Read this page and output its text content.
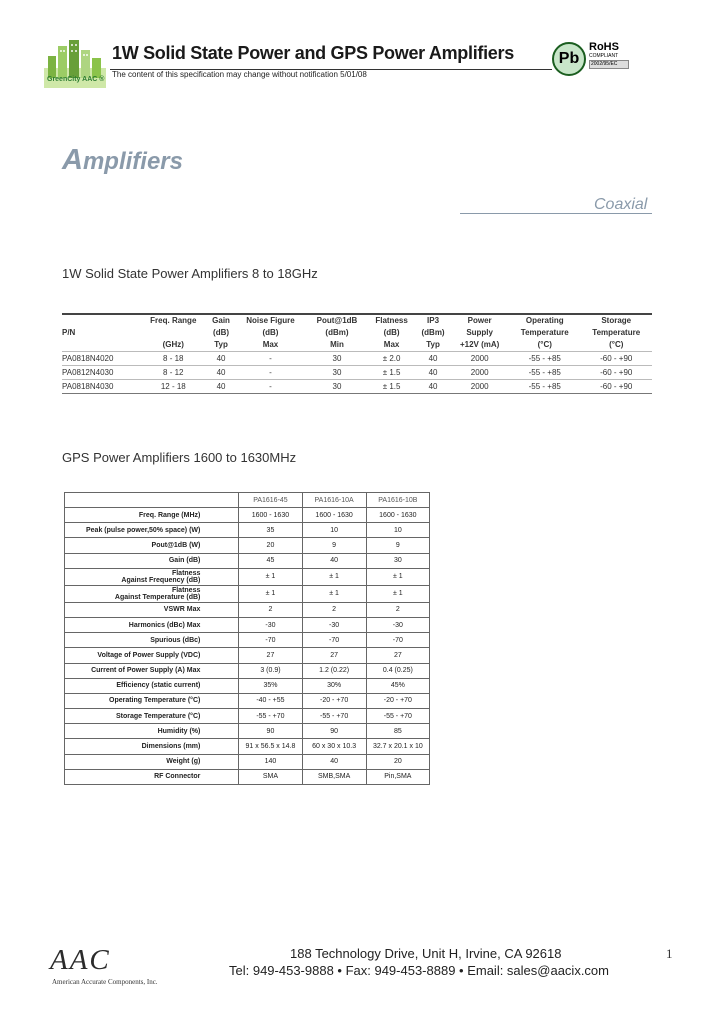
GreenCity AAC ®
1W Solid State Power and GPS Power Amplifiers
The content of this specification may change without notification 5/01/08
Pb
RoHS
COMPLIANT
2002/95/EC
Amplifiers
Coaxial
1W Solid State Power Amplifiers 8 to 18GHz
	Freq. Range	Gain	Noise Figure	Pout@1dB	Flatness	IP3	Power	Operating	Storage
P/N		(dB)	(dB)	(dBm)	(dB)	(dBm)	Supply	Temperature	Temperature
	(GHz)	Typ	Max	Min	Max	Typ	+12V (mA)	(°C)	(°C)
PA0818N4020	8 - 18	40	-	30	± 2.0	40	2000	-55 - +85	-60 - +90
PA0812N4030	8 - 12	40	-	30	± 1.5	40	2000	-55 - +85	-60 - +90
PA0818N4030	12 - 18	40	-	30	± 1.5	40	2000	-55 - +85	-60 - +90
GPS Power Amplifiers 1600 to 1630MHz
	PA1616-45	PA1616-10A	PA1616-10B
Freq. Range (MHz)	1600 - 1630	1600 - 1630	1600 - 1630
Peak (pulse power,50% space) (W)	35	10	10
Pout@1dB (W)	20	9	9
Gain (dB)	45	40	30
Flatness
Against Frequency (dB)	± 1	± 1	± 1
Flatness
Against Temperature (dB)	± 1	± 1	± 1
VSWR Max	2	2	2
Harmonics (dBc) Max	-30	-30	-30
Spurious (dBc)	-70	-70	-70
Voltage of Power Supply (VDC)	27	27	27
Current of Power Supply (A) Max	3 (0.9)	1.2 (0.22)	0.4 (0.25)
Efficiency (static current)	35%	30%	45%
Operating Temperature (°C)	-40 - +55	-20 - +70	-20 - +70
Storage Temperature (°C)	-55 - +70	-55 - +70	-55 - +70
Humidity (%)	90	90	85
Dimensions (mm)	91 x 56.5 x 14.8	60 x 30 x 10.3	32.7 x 20.1 x 10
Weight (g)	140	40	20
RF Connector	SMA	SMB,SMA	Pin,SMA
AAC
American Accurate Components, Inc.
188 Technology Drive, Unit H, Irvine, CA 92618
Tel: 949-453-9888 • Fax: 949-453-8889 • Email: sales@aacix.com
1
